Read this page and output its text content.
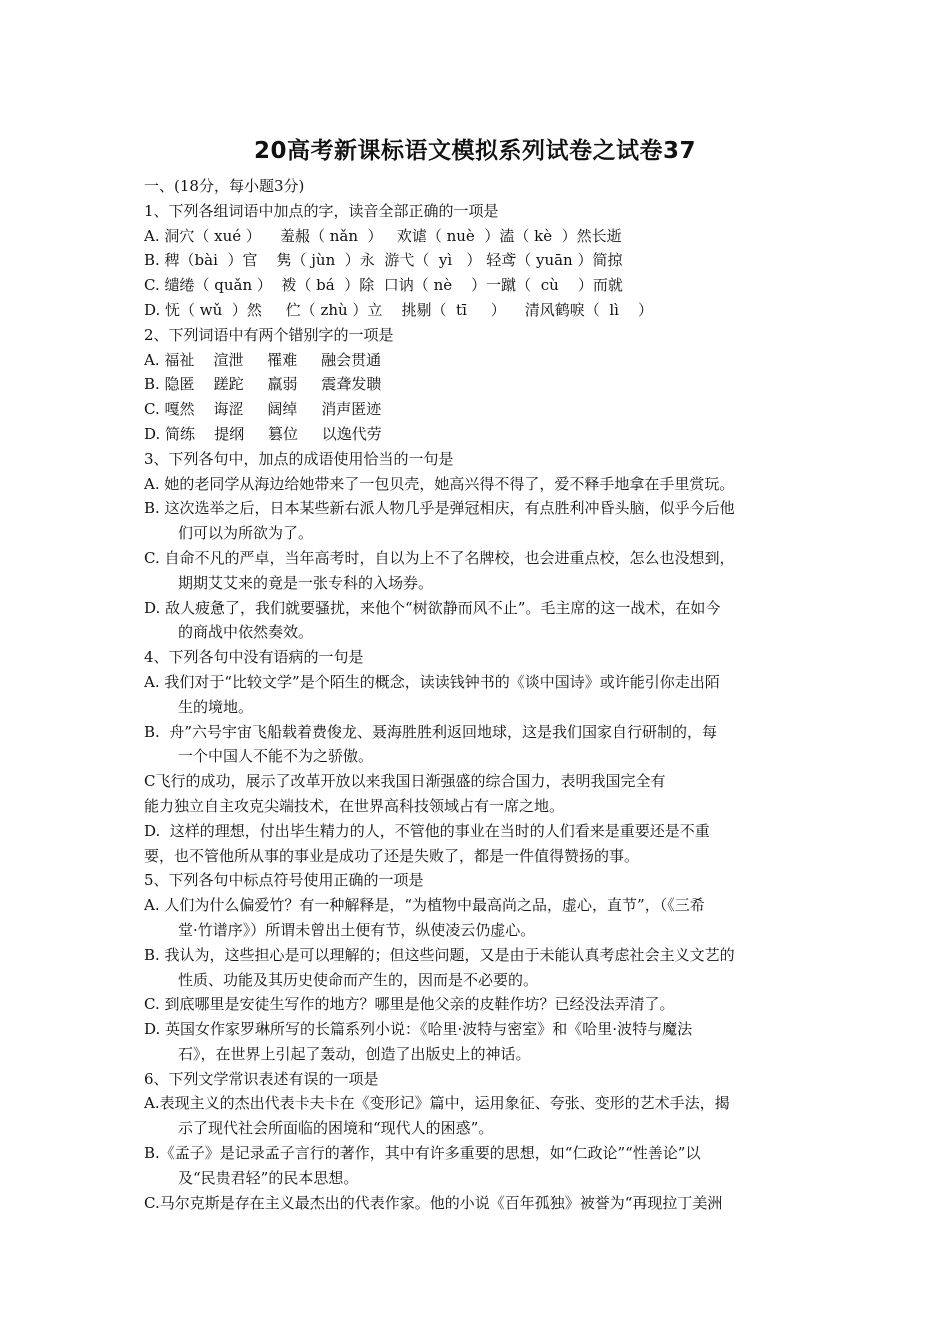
20高考新课标语文模拟系列试卷之试卷37
一、(18分，每小题3分)
1、下列各组词语中加点的字，读音全部正确的一项是
A. 洞穴（ xué ）    羞赧（ nǎn  ）   欢谑（ nuè  ）溘（ kè  ）然长逝
B. 稗（bài  ）官    隽（ jùn  ）永  游弋（  yì   ） 轻鸢（ yuān ）简掠
C. 缱绻（ quǎn ）  袯（ bá  ）除  口讷（ nè    ）一蹴（  cù    ）而就
D. 怃（ wǔ  ）然     伫（ zhù ）立    挑剔（  tī     ）    清风鹤唳（  lì    ）
2、下列词语中有两个错别字的一项是
A. 福祉    渲泄     罹难     融会贯通
B. 隐匿    蹉跎     羸弱     震聋发聩
C. 嘎然    诲涩     阔绰     消声匿迹
D. 简练    提纲     篡位     以逸代劳
3、下列各句中，加点的成语使用恰当的一句是
A. 她的老同学从海边给她带来了一包贝壳，她高兴得不得了，爱不释手地拿在手里赏玩。
B. 这次选举之后，日本某些新右派人物几乎是弹冠相庆，有点胜利冲昏头脑，似乎今后他
们可以为所欲为了。
C. 自命不凡的严卓，当年高考时，自以为上不了名牌校，也会进重点校，怎么也没想到，
期期艾艾来的竟是一张专科的入场券。
D. 敌人疲惫了，我们就要骚扰，来他个“树欲静而风不止”。毛主席的这一战术，在如今
的商战中依然奏效。
4、下列各句中没有语病的一句是
A. 我们对于“比较文学”是个陌生的概念，读读钱钟书的《谈中国诗》或许能引你走出陌
生的境地。
B.  舟”六号宇宙飞船载着费俊龙、聂海胜胜利返回地球，这是我们国家自行研制的，每
一个中国人不能不为之骄傲。
C飞行的成功，展示了改革开放以来我国日渐强盛的综合国力，表明我国完全有
能力独立自主攻克尖端技术，在世界高科技领域占有一席之地。
D.  这样的理想，付出毕生精力的人，不管他的事业在当时的人们看来是重要还是不重
要，也不管他所从事的事业是成功了还是失败了，都是一件值得赞扬的事。
5、下列各句中标点符号使用正确的一项是
A. 人们为什么偏爱竹？有一种解释是，“为植物中最高尚之品，虚心，直节”，（《三希
堂·竹谱序》）所谓未曾出土便有节，纵使凌云仍虚心。
B. 我认为，这些担心是可以理解的；但这些问题，又是由于未能认真考虑社会主义文艺的
性质、功能及其历史使命而产生的，因而是不必要的。
C. 到底哪里是安徒生写作的地方？哪里是他父亲的皮鞋作坊？已经没法弄清了。
D. 英国女作家罗琳所写的长篇系列小说：《哈里·波特与密室》和《哈里·波特与魔法
石》，在世界上引起了轰动，创造了出版史上的神话。
6、下列文学常识表述有误的一项是
A.表现主义的杰出代表卡夫卡在《变形记》篇中，运用象征、夸张、变形的艺术手法，揭
示了现代社会所面临的困境和“现代人的困惑”。
B.《孟子》是记录孟子言行的著作，其中有许多重要的思想，如“仁政论”“性善论”以
及“民贵君轻”的民本思想。
C.马尔克斯是存在主义最杰出的代表作家。他的小说《百年孤独》被誉为“再现拉丁美洲
